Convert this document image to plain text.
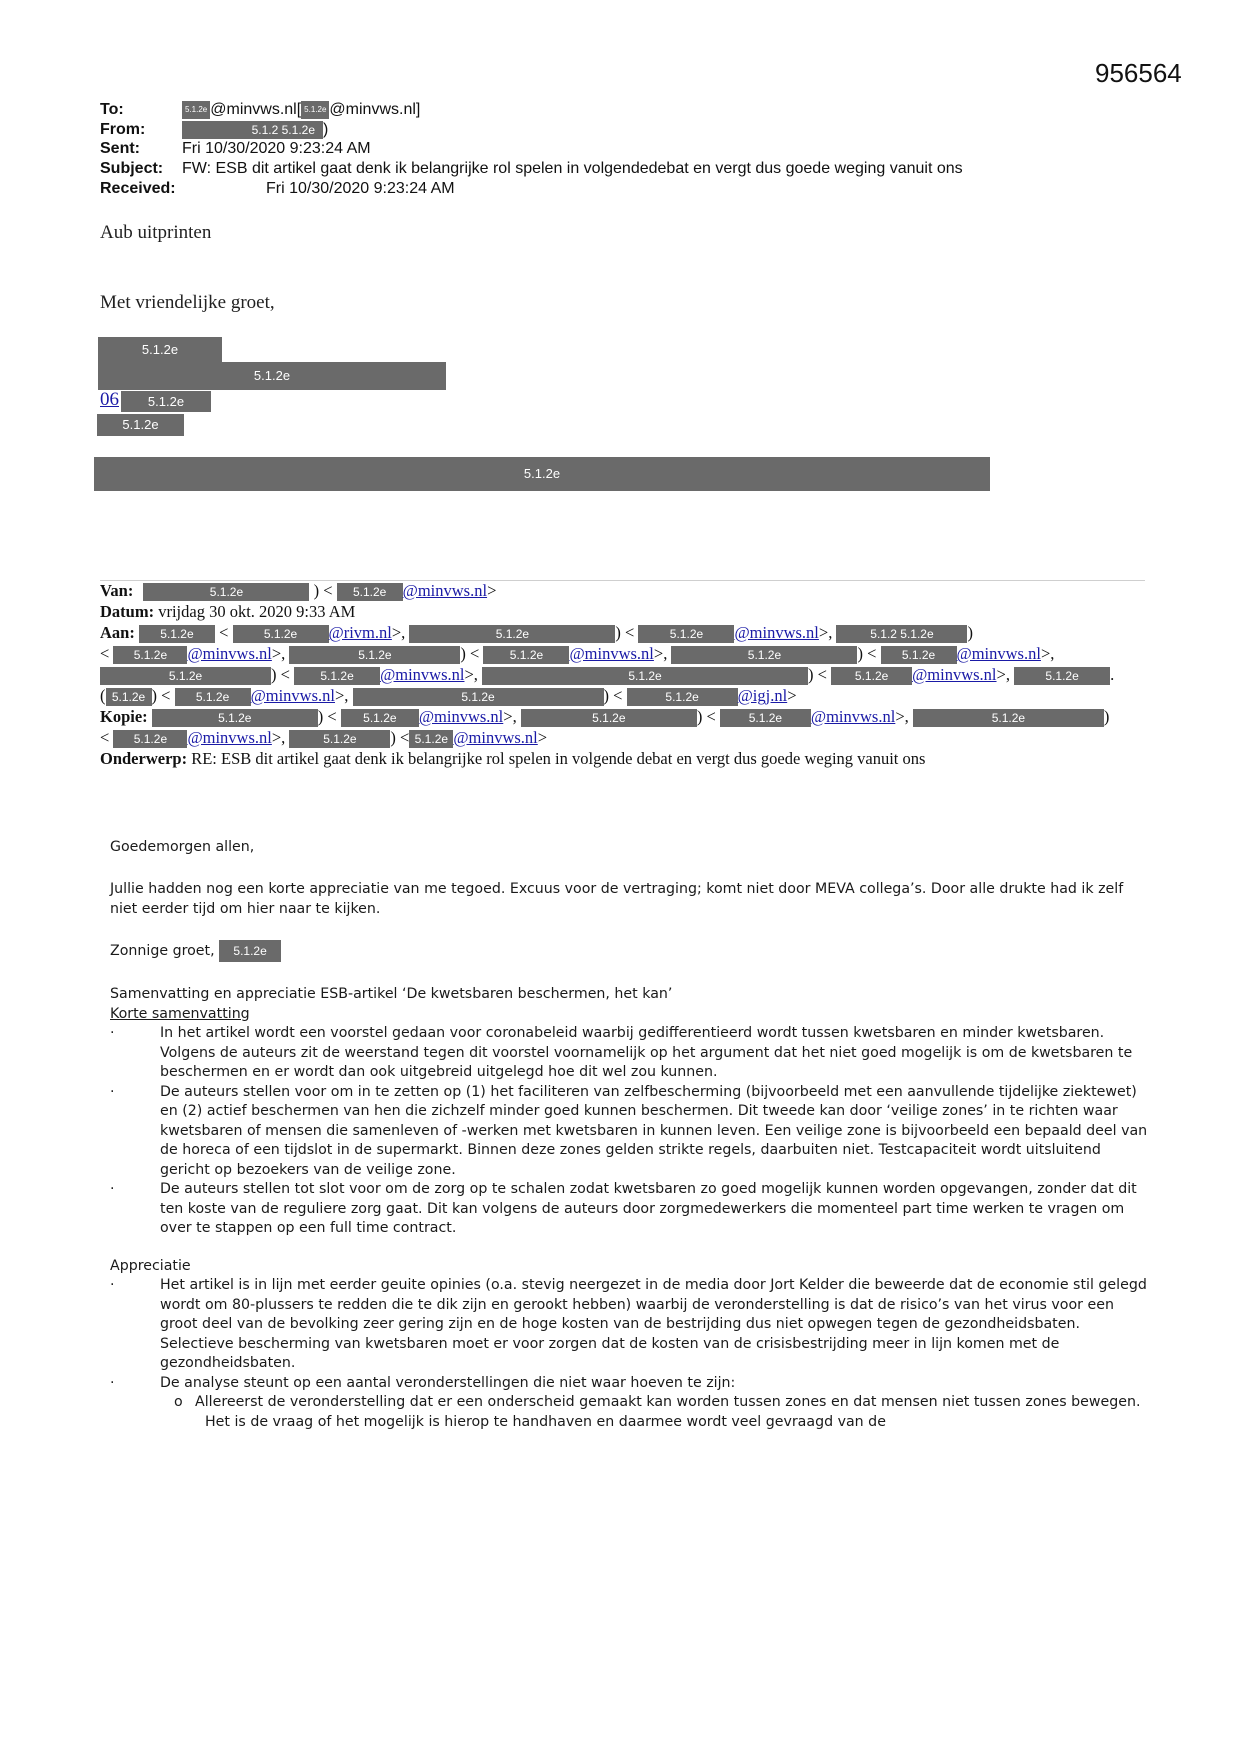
956564
To:	5.1.2e @minvws.nl[ 5.1.2e @minvws.nl]
From:	5.1.2 5.1.2e )
Sent:	Fri 10/30/2020 9:23:24 AM
Subject: FW: ESB dit artikel gaat denk ik belangrijke rol spelen in volgendedebat en vergt dus goede weging vanuit ons
Received:	Fri 10/30/2020 9:23:24 AM
Aub uitprinten
Met vriendelijke groet,
5.1.2e
5.1.2e
06	5.1.2e
5.1.2e
5.1.2e
Van:	5.1.2e	) < 5.1.2e @minvws.nl>
Datum: vrijdag 30 okt. 2020 9:33 AM
Aan: 5.1.2e <	5.1.2e @rivm.nl>,	5.1.2e	) <	5.1.2e @minvws.nl>,	5.1.2 5.1.2e )
< 5.1.2e @minvws.nl>,	5.1.2e	) < 5.1.2e @minvws.nl>,	5.1.2e	) < 5.1.2e @minvws.nl>,
5.1.2e	) < 5.1.2e @minvws.nl>,	5.1.2e	) < 5.1.2e @minvws.nl>,	5.1.2e .
( 5.1.2e ) < 5.1.2e @minvws.nl>,	5.1.2e	) <	5.1.2e @igj.nl>
Kopie:	5.1.2e	) < 5.1.2e @minvws.nl>,	5.1.2e	) < 5.1.2e @minvws.nl>,	5.1.2e	)
< 5.1.2e @minvws.nl>,	5.1.2e ) < 5.1.2e @minvws.nl>
Onderwerp: RE: ESB dit artikel gaat denk ik belangrijke rol spelen in volgende debat en vergt dus goede weging vanuit ons

Goedemorgen allen,

Jullie hadden nog een korte appreciatie van me tegoed. Excuus voor de vertraging; komt niet door MEVA collega’s. Door alle drukte had ik zelf niet eerder tijd om hier naar te kijken.

Zonnige groet, 5.1.2e

Samenvatting en appreciatie ESB-artikel ‘De kwetsbaren beschermen, het kan’

Korte samenvatting

·	In het artikel wordt een voorstel gedaan voor coronabeleid waarbij gedifferentieerd wordt tussen kwetsbaren en minder kwetsbaren. Volgens de auteurs zit de weerstand tegen dit voorstel voornamelijk op het argument dat het niet goed mogelijk is om de kwetsbaren te beschermen en er wordt dan ook uitgebreid uitgelegd hoe dit wel zou kunnen.

·	De auteurs stellen voor om in te zetten op (1) het faciliteren van zelfbescherming (bijvoorbeeld met een aanvullende tijdelijke ziektewet) en (2) actief beschermen van hen die zichzelf minder goed kunnen beschermen. Dit tweede kan door ‘veilige zones’ in te richten waar kwetsbaren of mensen die samenleven of -werken met kwetsbaren in kunnen leven. Een veilige zone is bijvoorbeeld een bepaald deel van de horeca of een tijdslot in de supermarkt. Binnen deze zones gelden strikte regels, daarbuiten niet. Testcapaciteit wordt uitsluitend gericht op bezoekers van de veilige zone.

·	De auteurs stellen tot slot voor om de zorg op te schalen zodat kwetsbaren zo goed mogelijk kunnen worden opgevangen, zonder dat dit ten koste van de reguliere zorg gaat. Dit kan volgens de auteurs door zorgmedewerkers die momenteel part time werken te vragen om over te stappen op een full time contract.

Appreciatie

·	Het artikel is in lijn met eerder geuite opinies (o.a. stevig neergezet in de media door Jort Kelder die beweerde dat de economie stil gelegd wordt om 80-plussers te redden die te dik zijn en gerookt hebben) waarbij de veronderstelling is dat de risico’s van het virus voor een groot deel van de bevolking zeer gering zijn en de hoge kosten van de bestrijding dus niet opwegen tegen de gezondheidsbaten. Selectieve bescherming van kwetsbaren moet er voor zorgen dat de kosten van de crisisbestrijding meer in lijn komen met de gezondheidsbaten.

·	De analyse steunt op een aantal veronderstellingen die niet waar hoeven te zijn:

o Allereerst de veronderstelling dat er een onderscheid gemaakt kan worden tussen zones en dat mensen niet tussen zones bewegen. Het is de vraag of het mogelijk is hierop te handhaven en daarmee wordt veel gevraagd van de
